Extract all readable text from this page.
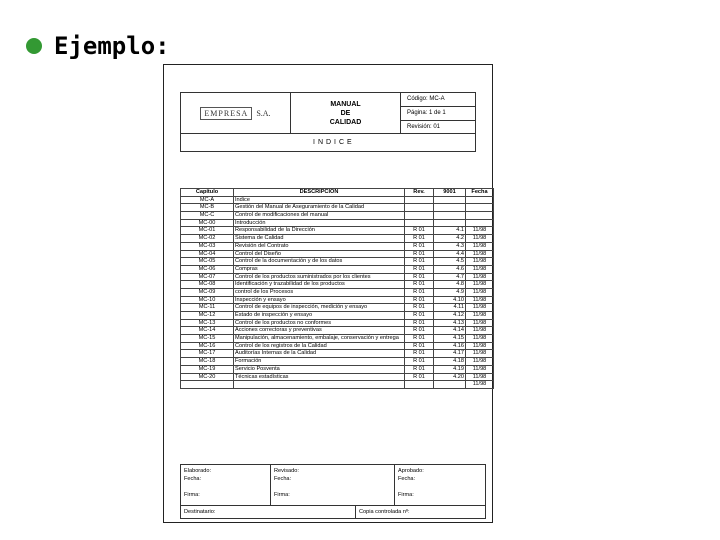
Ejemplo:
EMPRESA	S.A.
MANUAL
DE
CALIDAD
Código: MC-A
Página: 1 de 1
Revisión: 01
INDICE
Capítulo	DESCRIPCION	Rev.	9001	Fecha
MC-A	Indice			
MC-B	Gestión del Manual de Aseguramiento de la Calidad			
MC-C	Control de modificaciones del manual			
MC-00	Introducción			
MC-01	Responsabilidad de la Dirección	R 01	4.1	11/98
MC-02	Sistema de Calidad	R 01	4.2	11/98
MC-03	Revisión del Contrato	R 01	4.3	11/98
MC-04	Control del Diseño	R 01	4.4	11/98
MC-05	Control de la documentación y de los datos	R 01	4.5	11/98
MC-06	Compras	R 01	4.6	11/98
MC-07	Control de los productos suministrados por los clientes	R 01	4.7	11/98
MC-08	Identificación y trazabilidad de los productos	R 01	4.8	11/98
MC-09	control de los Procesos	R 01	4.9	11/98
MC-10	Inspección y ensayo	R 01	4.10	11/98
MC-11	Control de equipos de inspección, medición y ensayo	R 01	4.11	11/98
MC-12	Estado de inspección y ensayo	R 01	4.12	11/98
MC-13	Control de los productos no conformes	R 01	4.13	11/98
MC-14	Acciones correctoras y preventivas	R 01	4.14	11/98
MC-15	Manipulación, almacenamiento, embalaje, conservación y entrega	R 01	4.15	11/98
MC-16	Control de los registros de la Calidad	R 01	4.16	11/98
MC-17	Auditorías Internas de la Calidad	R 01	4.17	11/98
MC-18	Formación	R 01	4.18	11/98
MC-19	Servicio Posventa	R 01	4.19	11/98
MC-20	Técnicas estadísticas	R 01	4.20	11/98
				11/98
Elaborado:
Fecha:
Firma:
Revisado:
Fecha:
Firma:
Aprobado:
Fecha:
Firma:
Destinatario:	Copia controlada nº:
